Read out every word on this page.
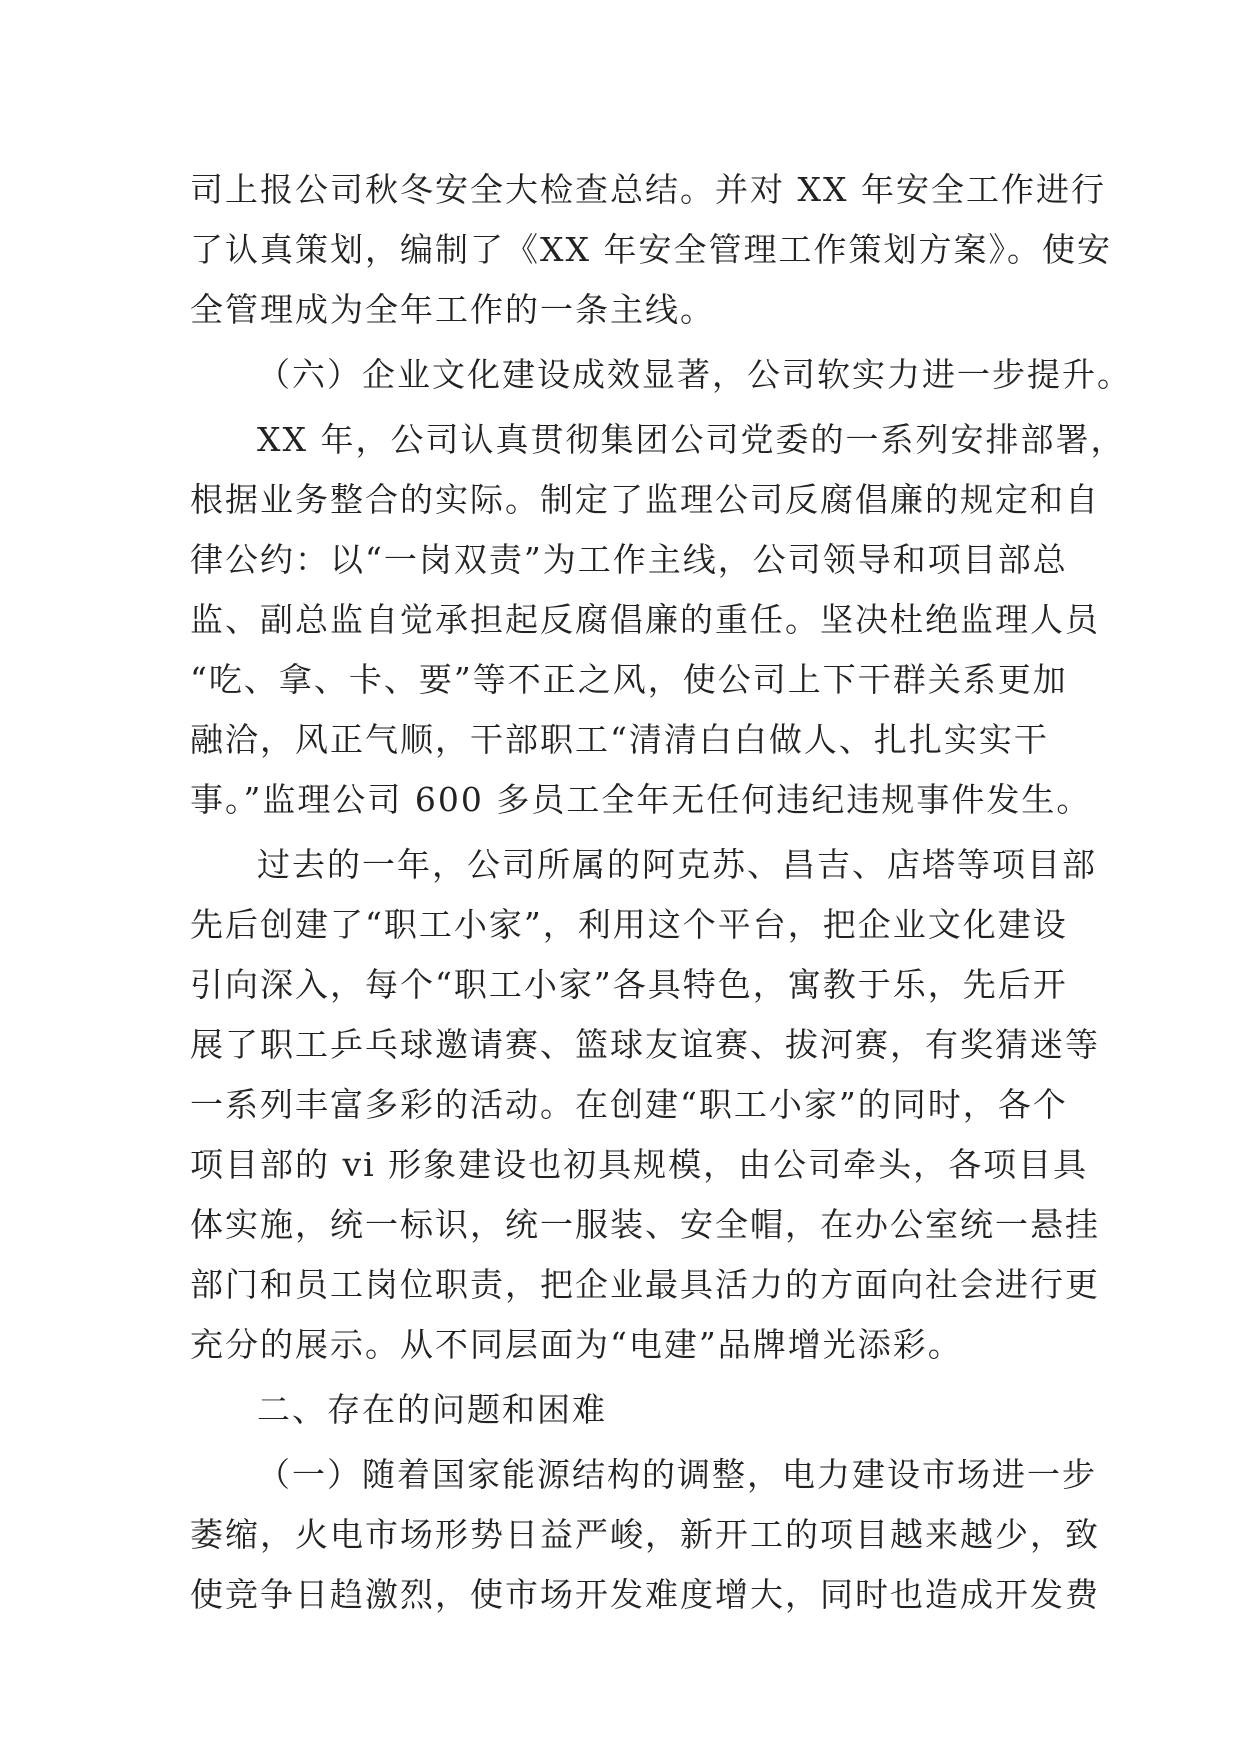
司上报公司秋冬安全大检查总结。并对 XX 年安全工作进行
了认真策划，编制了《XX 年安全管理工作策划方案》。使安
全管理成为全年工作的一条主线。
（六）企业文化建设成效显著，公司软实力进一步提升。
XX 年，公司认真贯彻集团公司党委的一系列安排部署，
根据业务整合的实际。制定了监理公司反腐倡廉的规定和自
律公约：以“一岗双责”为工作主线，公司领导和项目部总
监、副总监自觉承担起反腐倡廉的重任。坚决杜绝监理人员
“吃、拿、卡、要”等不正之风，使公司上下干群关系更加
融洽，风正气顺，干部职工“清清白白做人、扎扎实实干
事。”监理公司 600 多员工全年无任何违纪违规事件发生。
过去的一年，公司所属的阿克苏、昌吉、店塔等项目部
先后创建了“职工小家”，利用这个平台，把企业文化建设
引向深入，每个“职工小家”各具特色，寓教于乐，先后开
展了职工乒乓球邀请赛、篮球友谊赛、拔河赛，有奖猜迷等
一系列丰富多彩的活动。在创建“职工小家”的同时，各个
项目部的 vi 形象建设也初具规模，由公司牵头，各项目具
体实施，统一标识，统一服装、安全帽，在办公室统一悬挂
部门和员工岗位职责，把企业最具活力的方面向社会进行更
充分的展示。从不同层面为“电建”品牌增光添彩。
二、存在的问题和困难
（一）随着国家能源结构的调整，电力建设市场进一步
萎缩，火电市场形势日益严峻，新开工的项目越来越少，致
使竞争日趋激烈，使市场开发难度增大，同时也造成开发费
